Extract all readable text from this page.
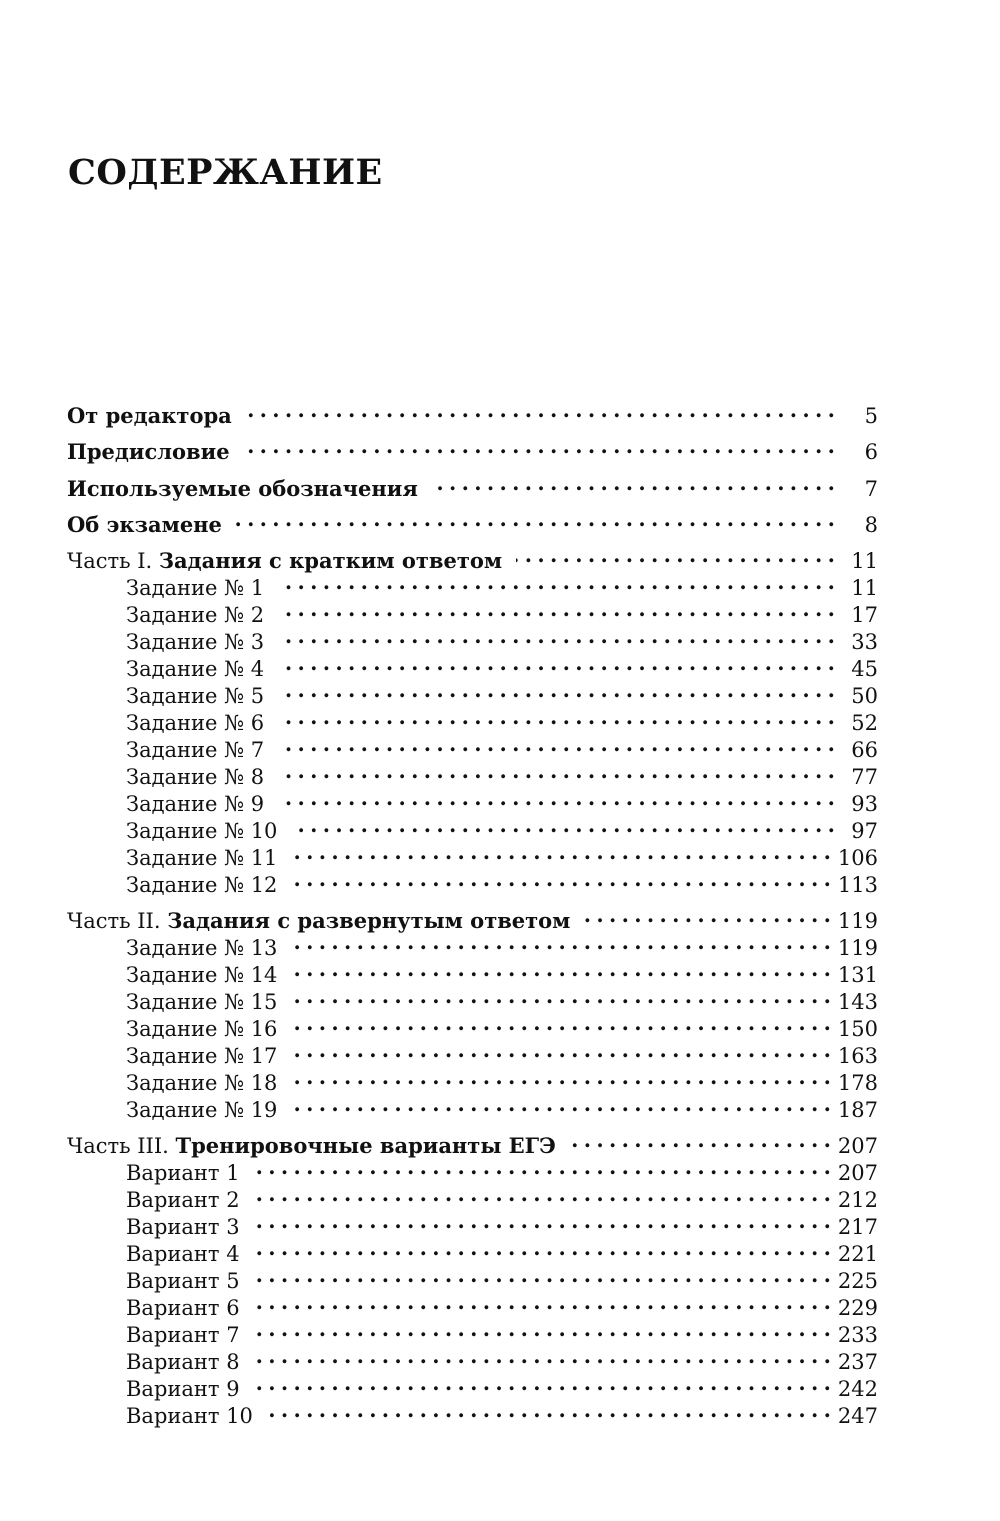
СОДЕРЖАНИЕ
От редактора . . .	5
Предисловие . . .	6
Используемые обозначения . . .	7
Об экзамене . . .	8
Часть I. Задания с кратким ответом . . .	11
Задание № 1 . . .	11
Задание № 2 . . .	17
Задание № 3 . . .	33
Задание № 4 . . .	45
Задание № 5 . . .	50
Задание № 6 . . .	52
Задание № 7 . . .	66
Задание № 8 . . .	77
Задание № 9 . . .	93
Задание № 10 . . .	97
Задание № 11 . . .	106
Задание № 12 . . .	113
Часть II. Задания с развернутым ответом . . .	119
Задание № 13 . . .	119
Задание № 14 . . .	131
Задание № 15 . . .	143
Задание № 16 . . .	150
Задание № 17 . . .	163
Задание № 18 . . .	178
Задание № 19 . . .	187
Часть III. Тренировочные варианты ЕГЭ . . .	207
Вариант 1 . . .	207
Вариант 2 . . .	212
Вариант 3 . . .	217
Вариант 4 . . .	221
Вариант 5 . . .	225
Вариант 6 . . .	229
Вариант 7 . . .	233
Вариант 8 . . .	237
Вариант 9 . . .	242
Вариант 10 . . .	247
